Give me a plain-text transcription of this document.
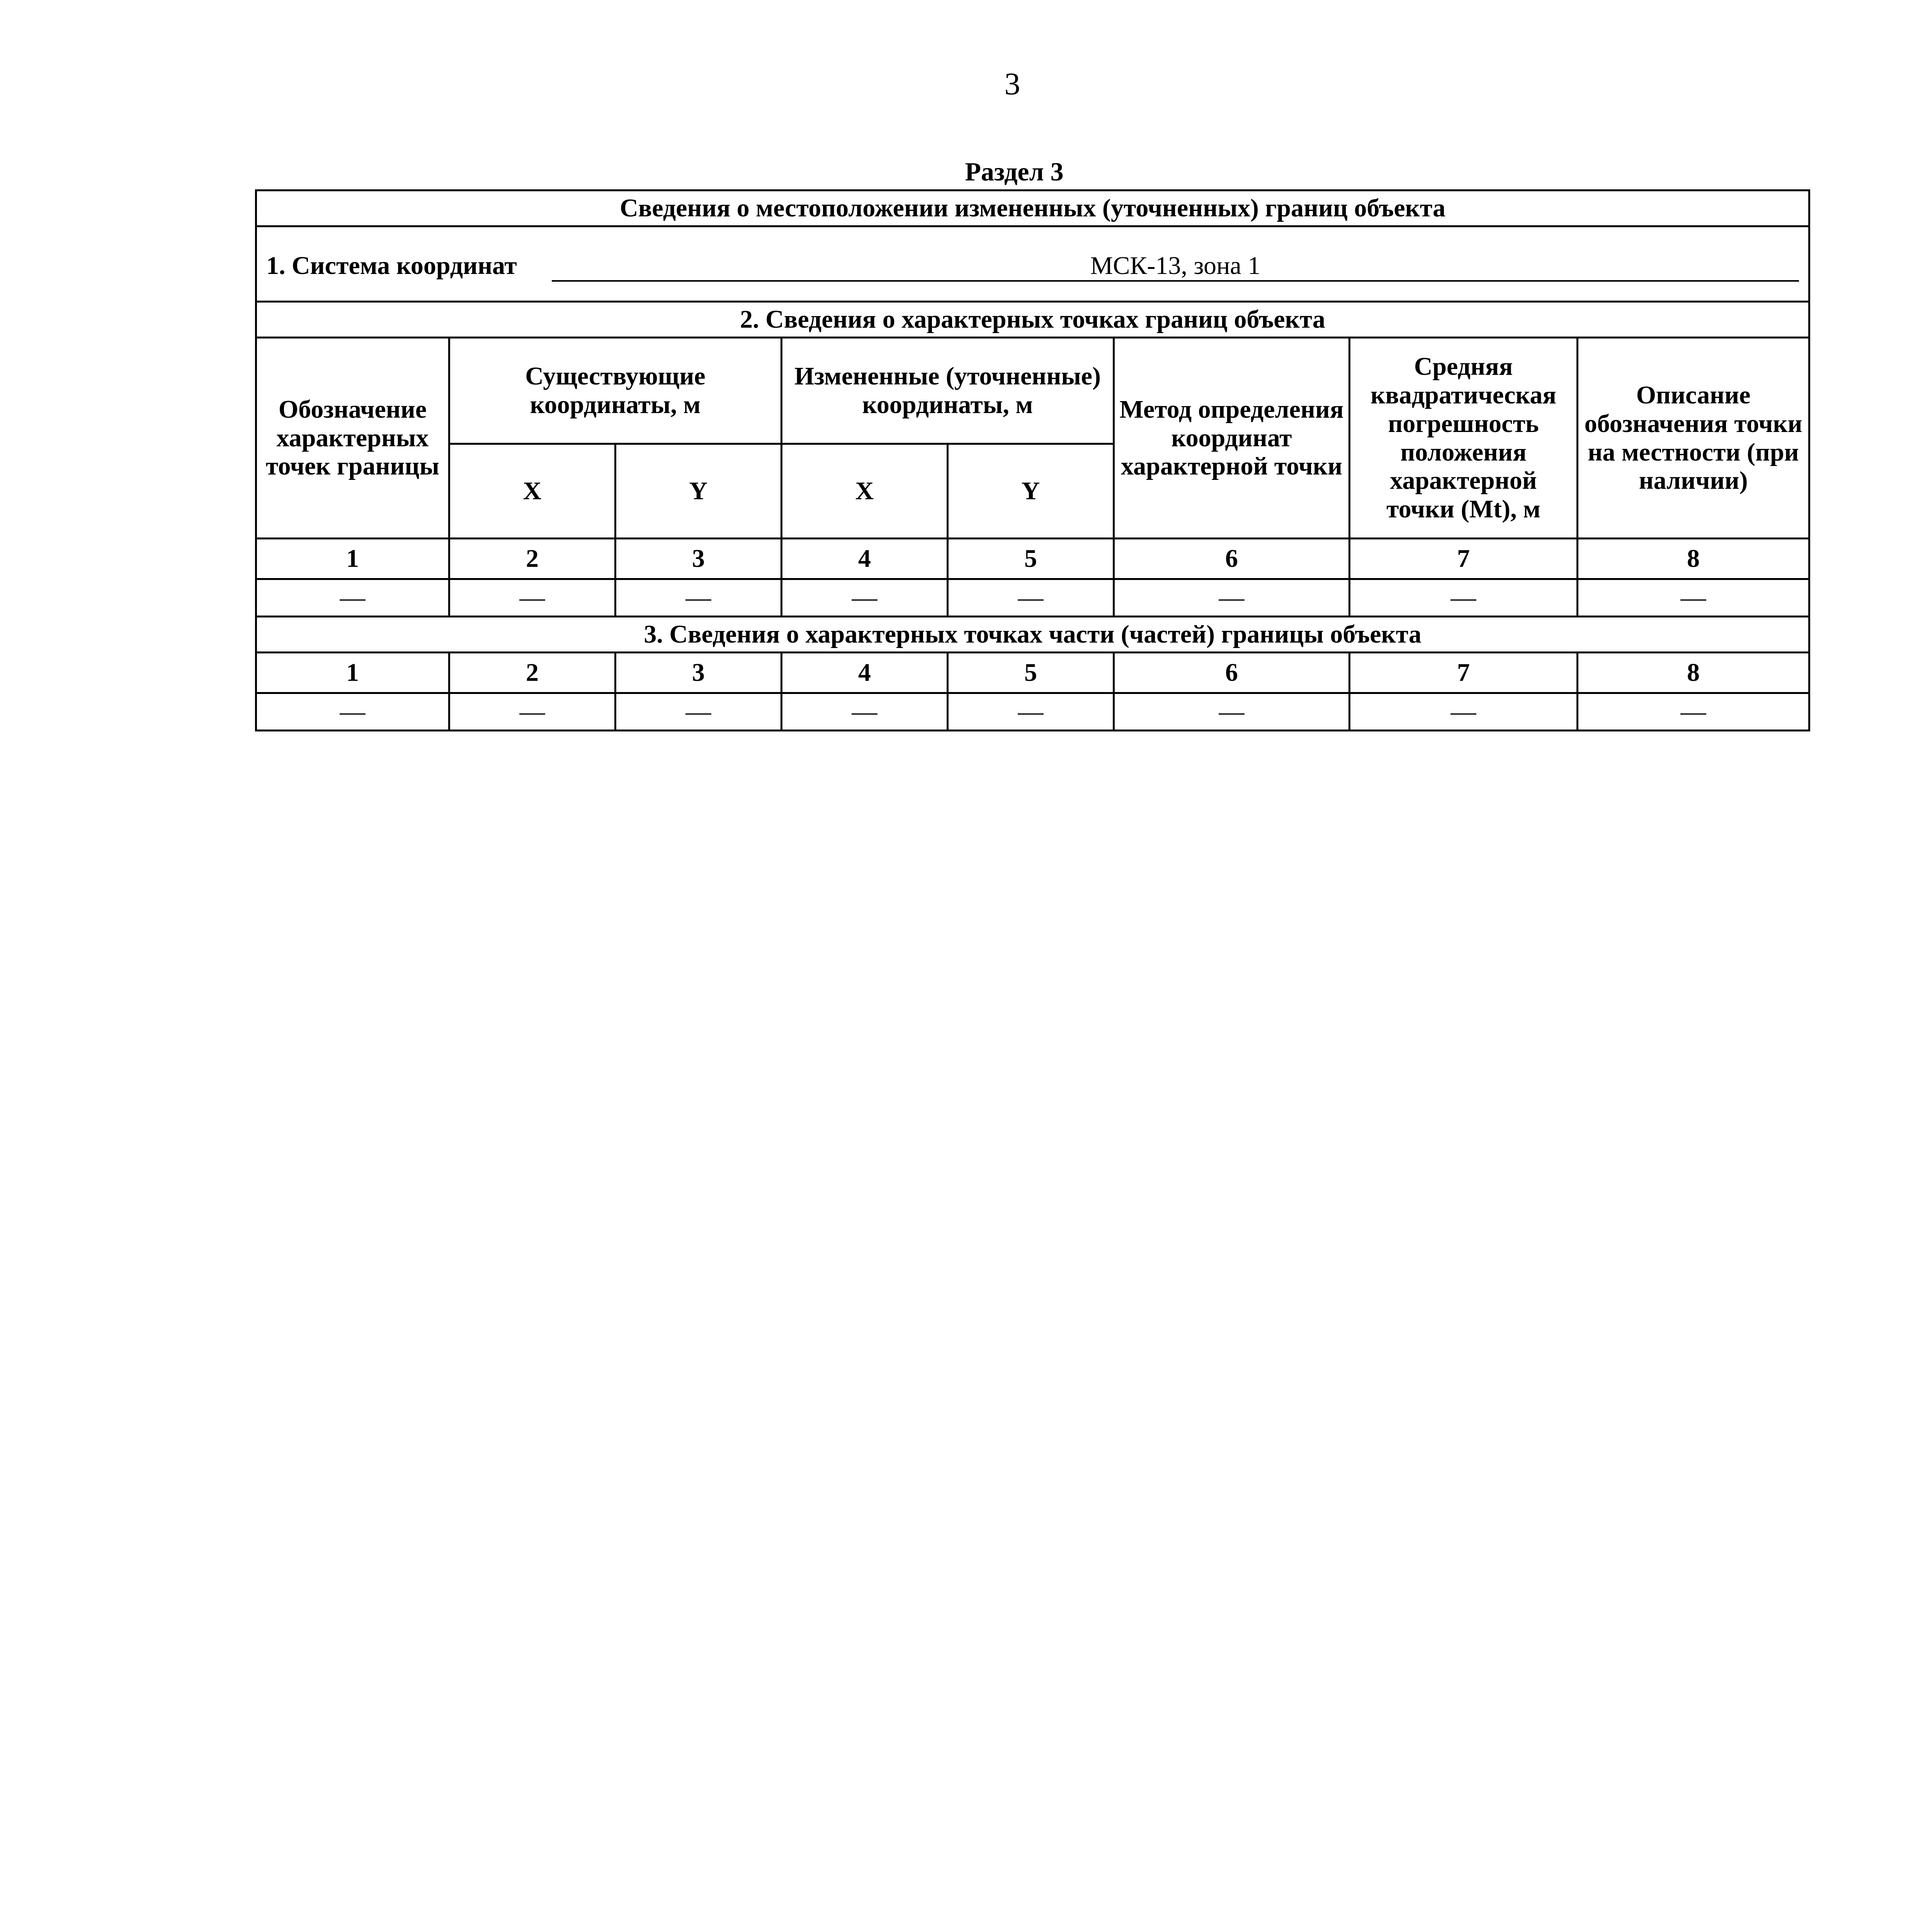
3
Раздел 3
Сведения о местоположении измененных (уточненных) границ объекта							

1. Система координат МСК-13, зона 1							

2. Сведения о характерных точках границ объекта							
Обозначение характерных точек границы	Существующие координаты, м		Измененные (уточненные) координаты, м		Метод определения координат характерной точки	Средняя квадратическая погрешность положения характерной точки (Mt), м	Описание обозначения точки на местности (при наличии)
	X	Y	X	Y			
1	2	3	4	5	6	7	8
—	—	—	—	—	—	—	—
3. Сведения о характерных точках части (частей) границы объекта							
1	2	3	4	5	6	7	8
—	—	—	—	—	—	—	—
